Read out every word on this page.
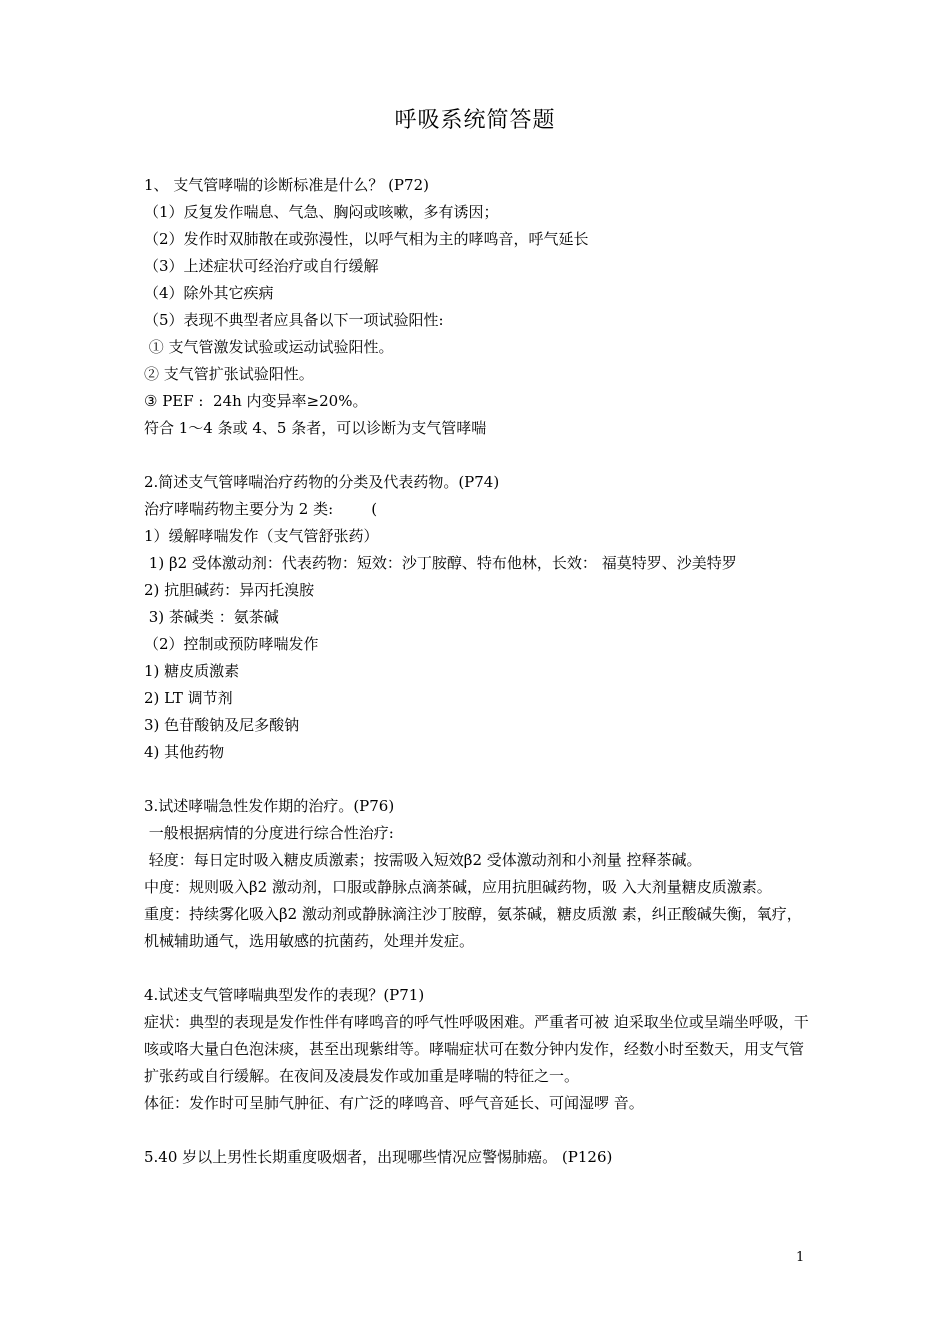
呼吸系统简答题
1、 支气管哮喘的诊断标准是什么？ (P72)
（1）反复发作喘息、气急、胸闷或咳嗽，多有诱因；
（2）发作时双肺散在或弥漫性，以呼气相为主的哮鸣音，呼气延长
（3）上述症状可经治疗或自行缓解
（4）除外其它疾病
（5）表现不典型者应具备以下一项试验阳性:
① 支气管激发试验或运动试验阳性。
② 支气管扩张试验阳性。
③ PEF :  24h 内变异率≥20%。
符合 1～4 条或 4、5 条者，可以诊断为支气管哮喘
2.简述支气管哮喘治疗药物的分类及代表药物。(P74)
治疗哮喘药物主要分为 2 类:        (
1）缓解哮喘发作（支气管舒张药）
1) β2 受体激动剂：代表药物：短效：沙丁胺醇、特布他林，长效： 福莫特罗、沙美特罗
2) 抗胆碱药：异丙托溴胺
3) 茶碱类 ：氨茶碱
（2）控制或预防哮喘发作
1) 糖皮质激素
2) LT 调节剂
3) 色苷酸钠及尼多酸钠
4) 其他药物
3.试述哮喘急性发作期的治疗。(P76)
一般根据病情的分度进行综合性治疗:
轻度：每日定时吸入糖皮质激素；按需吸入短效β2 受体激动剂和小剂量 控释茶碱。
中度：规则吸入β2 激动剂，口服或静脉点滴茶碱，应用抗胆碱药物，吸 入大剂量糖皮质激素。
重度：持续雾化吸入β2 激动剂或静脉滴注沙丁胺醇，氨茶碱，糖皮质激 素，纠正酸碱失衡，氧疗，机械辅助通气，选用敏感的抗菌药，处理并发症。
4.试述支气管哮喘典型发作的表现？(P71)
症状：典型的表现是发作性伴有哮鸣音的呼气性呼吸困难。严重者可被 迫采取坐位或呈端坐呼吸，干咳或咯大量白色泡沫痰，甚至出现紫绀等。哮喘症状可在数分钟内发作，经数小时至数天，用支气管扩张药或自行缓解。在夜间及凌晨发作或加重是哮喘的特征之一。
体征：发作时可呈肺气肿征、有广泛的哮鸣音、呼气音延长、可闻湿啰 音。
5.40 岁以上男性长期重度吸烟者，出现哪些情况应警惕肺癌。 (P126)
1
